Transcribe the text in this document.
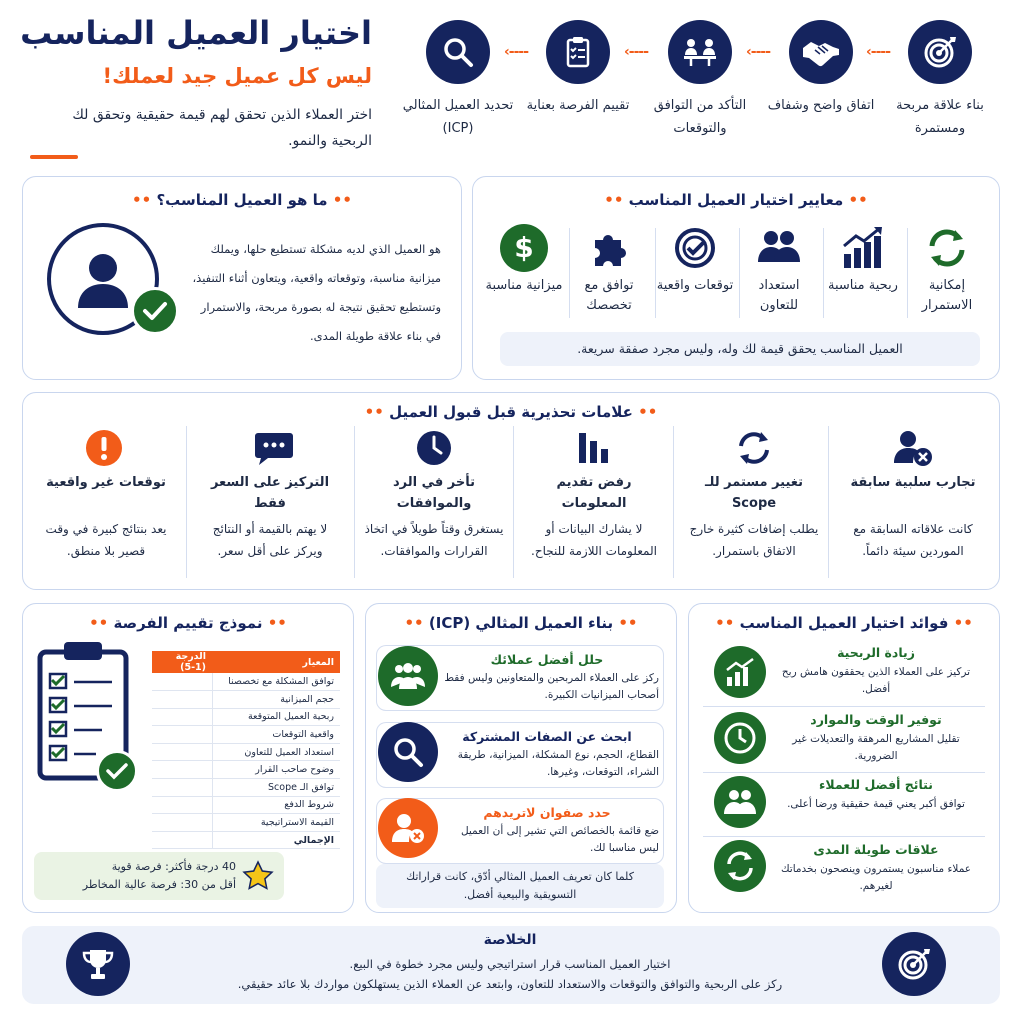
اختيار العميل المناسب
ليس كل عميل جيد لعملك!
اختر العملاء الذين تحقق لهم قيمة حقيقية وتحقق لك الربحية والنمو.
----›	----›	----›	----›
تحديد العميل المثالي (ICP)
تقييم الفرصة بعناية	التأكد من التوافق والتوقعات
اتفاق واضح وشفاف	بناء علاقة مربحة ومستمرة
•• ما هو العميل المناسب؟ ••
هو العميل الذي لديه مشكلة تستطيع حلها، ويملك ميزانية مناسبة، وتوقعاته واقعية، ويتعاون أثناء التنفيذ، وتستطيع تحقيق نتيجة له بصورة مربحة، والاستمرار في بناء علاقة طويلة المدى.
•• معايير اختيار العميل المناسب ••
$
إمكانية الاستمرار
ربحية مناسبة
استعداد للتعاون
توقعات واقعية
توافق مع تخصصك
ميزانية مناسبة
العميل المناسب يحقق قيمة لك وله، وليس مجرد صفقة سريعة.
•• علامات تحذيرية قبل قبول العميل ••
تجارب سلبية سابقة
تغيير مستمر للـ Scope
رفض تقديم المعلومات
تأخر في الرد والموافقات
التركيز على السعر فقط
توقعات غير واقعية
كانت علاقاته السابقة مع الموردين سيئة دائماً.
يطلب إضافات كثيرة خارج الاتفاق باستمرار.
لا يشارك البيانات أو المعلومات اللازمة للنجاح.
يستغرق وقتاً طويلاً في اتخاذ القرارات والموافقات.
لا يهتم بالقيمة أو النتائج ويركز على أقل سعر.
يعد بنتائج كبيرة في وقت قصير بلا منطق.
•• فوائد اختيار العميل المناسب ••
زيادة الربحية
تركيز على العملاء الذين يحققون هامش ربح أفضل.
توفير الوقت والموارد
تقليل المشاريع المرهقة والتعديلات غير الضرورية.
نتائج أفضل للعملاء
توافق أكبر يعني قيمة حقيقية ورضا أعلى.
علاقات طويلة المدى
عملاء مناسبون يستمرون وينصحون بخدماتك لغيرهم.
•• بناء العميل المثالي (ICP) ••
حلل أفضل عملائك
ركز على العملاء المربحين والمتعاونين وليس فقط أصحاب الميزانيات الكبيرة.
ابحث عن الصفات المشتركة
القطاع، الحجم، نوع المشكلة، الميزانية، طريقة الشراء، التوقعات، وغيرها.
حدد صفوان لاتريدهم
ضع قائمة بالخصائص التي تشير إلى أن العميل ليس مناسبا لك.
كلما كان تعريف العميل المثالي أدّق، كانت قراراتك التسويقية والبيعية أفضل.
•• نموذج تقييم الفرصة ••
المعيار	الدرجة (1-5)
توافق المشكلة مع تخصصنا	
حجم الميزانية	
ربحية العميل المتوقعة	
واقعية التوقعات	
استعداد العميل للتعاون	
وضوح صاحب القرار	
توافق الـ Scope	
شروط الدفع	
القيمة الاستراتيجية	
الإجمالي	
40 درجة فأكثر: فرصة قوية
أقل من 30: فرصة عالية المخاطر
الخلاصة
اختيار العميل المناسب قرار استراتيجي وليس مجرد خطوة في البيع.
ركز على الربحية والتوافق والتوقعات والاستعداد للتعاون، وابتعد عن العملاء الذين يستهلكون مواردك بلا عائد حقيقي.
